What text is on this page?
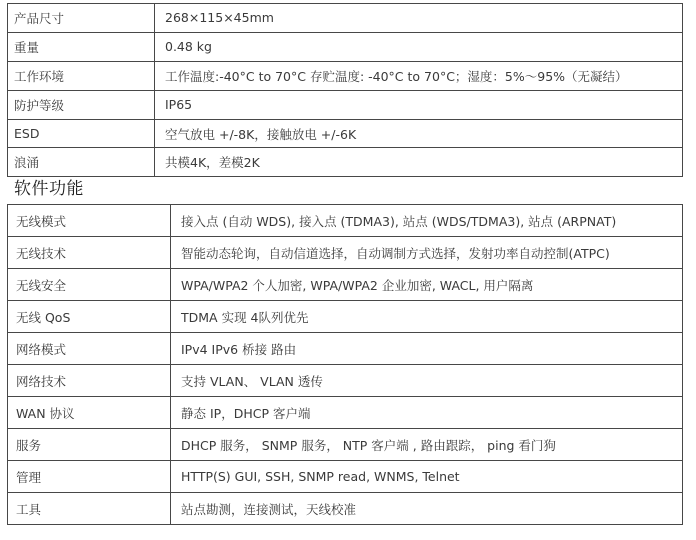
产品尺寸	268×115×45mm
重量	0.48 kg
工作环境	工作温度:-40°C to 70°C 存贮温度: -40°C to 70°C；湿度：5%～95%（无凝结）
防护等级	IP65
ESD	空气放电 +/-8K，接触放电 +/-6K
浪涌	共模4K，差模2K
软件功能
无线模式	接入点 (自动 WDS), 接入点 (TDMA3), 站点 (WDS/TDMA3), 站点 (ARPNAT)
无线技术	智能动态轮询，自动信道选择，自动调制方式选择，发射功率自动控制(ATPC)
无线安全	WPA/WPA2 个人加密, WPA/WPA2 企业加密, WACL, 用户隔离
无线 QoS	TDMA 实现 4队列优先
网络模式	IPv4 IPv6 桥接 路由
网络技术	支持 VLAN、 VLAN 透传
WAN 协议	静态 IP，DHCP 客户端
服务	DHCP 服务， SNMP 服务， NTP 客户端 , 路由跟踪， ping 看门狗
管理	HTTP(S) GUI, SSH, SNMP read, WNMS, Telnet
工具	站点勘测，连接测试，天线校准
